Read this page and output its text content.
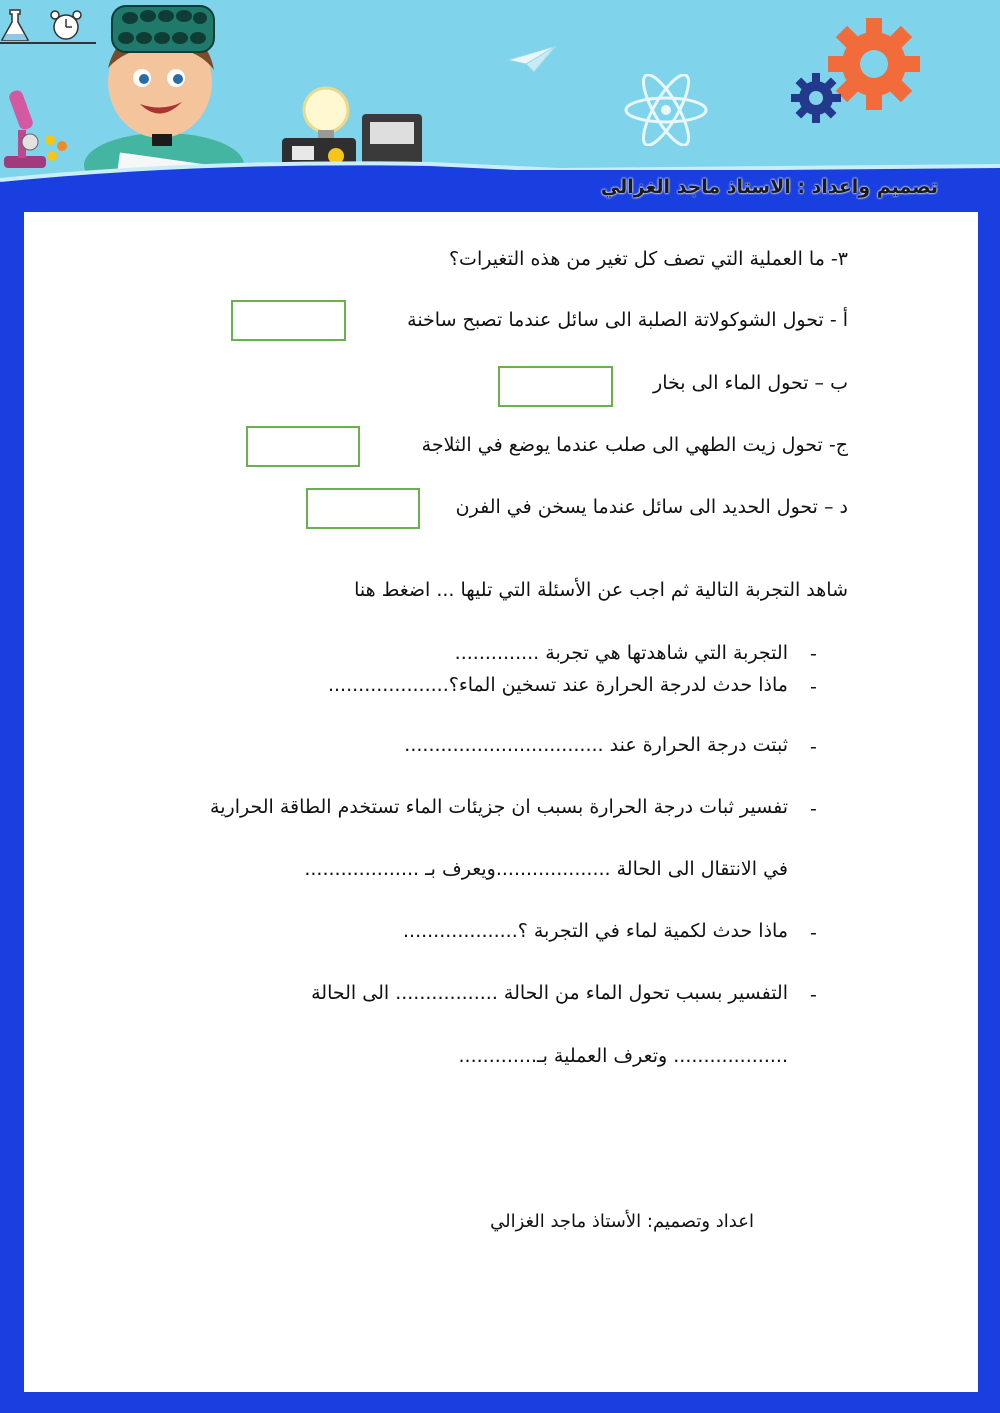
تصميم واعداد : الاستاذ ماجد الغزالي
٣- ما العملية التي تصف كل تغير من هذه التغيرات؟
أ - تحول الشوكولاتة الصلبة الى سائل عندما تصبح ساخنة
ب – تحول الماء الى بخار
ج- تحول زيت الطهي الى صلب عندما يوضع في الثلاجة
د – تحول الحديد الى سائل عندما يسخن في الفرن
شاهد التجربة التالية ثم اجب عن الأسئلة التي تليها ... اضغط هنا
-
التجربة التي شاهدتها هي تجربة ..............
-
ماذا حدث لدرجة الحرارة عند تسخين الماء؟....................
-
ثبتت درجة الحرارة عند .................................
-
تفسير ثبات درجة الحرارة بسبب ان جزيئات الماء تستخدم الطاقة الحرارية
في الانتقال الى الحالة ...................ويعرف بـ ...................
-
ماذا حدث لكمية لماء في التجربة ؟...................
-
التفسير بسبب تحول الماء من الحالة ................. الى الحالة
................... وتعرف العملية بـ.............
اعداد وتصميم: الأستاذ ماجد الغزالي
